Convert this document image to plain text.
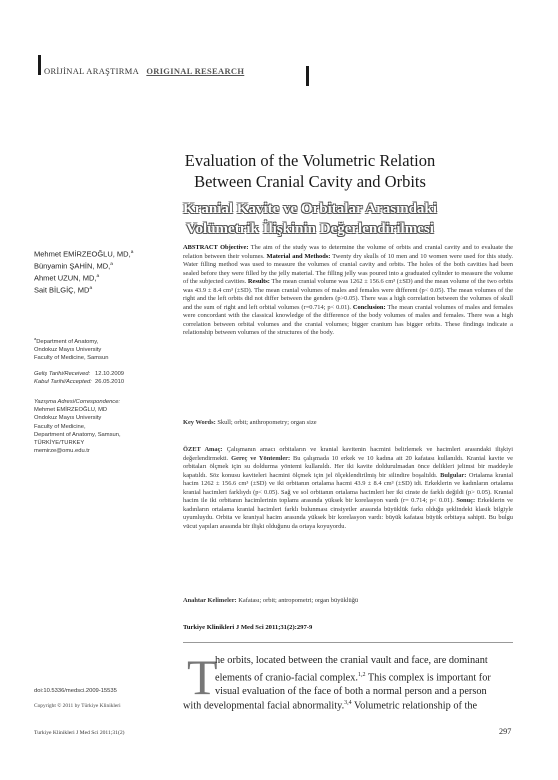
ORİJİNAL ARAŞTIRMA ORIGINAL RESEARCH
Evaluation of the Volumetric Relation
Between Cranial Cavity and Orbits
Kranial Kavite ve Orbitalar Arasındaki
Volümetrik İlişkinin Değerlendirilmesi
Mehmet EMİRZEOĞLU, MD,$^a$
Bünyamin ŞAHİN, MD,$^a$
Ahmet UZUN, MD,$^a$
Sait BİLGİÇ, $MD^a$
$^a$Department of Anatomy,
Ondokuz Mayıs University
Faculty of Medicine, Samsun
Geliş Tarihi/Received: 12.10.2009
Kabul Tarihi/Accepted: 26.05.2010
Yazışma Adresi/Correspondence:
Mehmet EMİRZEOĞLU, MD
Ondokuz Mayıs University
Faculty of Medicine,
Department of Anatomy, Samsun,
TÜRKİYE/TURKEY
memirze@omu.edu.tr
ABSTRACT Objective: The aim of the study was to determine the volume of orbits and cranial cavity and to evaluate the relation between their volumes. Material and Methods: Twenty dry skulls of 10 men and 10 women were used for this study. Water filling method was used to measure the volumes of cranial cavity and orbits. The holes of the both cavities had been sealed before they were filled by the jelly material. The filling jelly was poured into a graduated cylinder to measure the volume of the subjected cavities. Results: The mean cranial volume was 1262 ± 156.6 cm³ (±SD) and the mean volume of the two orbits was 43.9 ± 8.4 cm³ (±SD). The mean cranial volumes of males and females were different (p< 0.05). The mean volumes of the right and the left orbits did not differ between the genders (p>0.05). There was a high correlation between the volumes of skull and the sum of right and left orbital volumes (r=0.714; p< 0.01). Conclusion: The mean cranial volumes of males and females were concordant with the classical knowledge of the difference of the body volumes of males and females. There was a high correlation between orbital volumes and the cranial volumes; bigger cranium has bigger orbits. These findings indicate a relationship between volumes of the structures of the body.
Key Words: Skull; orbit; anthropometry; organ size
ÖZET Amaç: Çalışmanın amacı orbitaların ve kranial kavitenin hacmini belirlemek ve hacimleri arasındaki ilişkiyi değerlendirmekti. Gereç ve Yöntemler: Bu çalışmada 10 erkek ve 10 kadına ait 20 kafatası kullanıldı. Kranial kavite ve orbitaları ölçmek için su doldurma yöntemi kullanıldı. Her iki kavite doldurulmadan önce delikleri jelimsi bir maddeyle kapatıldı. Söz konusu kaviteleri hacmini ölçmek için jel ölçeklendirilmiş bir silindire boşaltıldı. Bulgular: Ortalama kranial hacim 1262 ± 156.6 cm³ (±SD) ve iki orbitanın ortalama hacmi 43.9 ± 8.4 cm³ (±SD) idi. Erkeklerin ve kadınların ortalama kranial hacimleri farklıydı (p< 0.05). Sağ ve sol orbitanın ortalama hacimleri her iki cinste de farklı değildi (p> 0.05). Kranial hacim ile iki orbitanın hacimlerinin toplamı arasında yüksek bir korelasyon vardı (r= 0.714; p< 0.01). Sonuç: Erkeklerin ve kadınların ortalama kranial hacimleri farklı bulunması cinsiyetler arasında büyüklük farkı olduğu şeklindeki klasik bilgiyle uyumluydu. Orbita ve kraniyal hacim arasında yüksek bir korelasyon vardı: büyük kafatası büyük orbitaya sahipti. Bu bulgu vücut yapıları arasında bir ilişki olduğunu da ortaya koyuyordu.
Anahtar Kelimeler: Kafatası; orbit; antropometri; organ büyüklüğü
Turkiye Klinikleri J Med Sci 2011;31(2):297-9
T
he orbits, located between the cranial vault and face, are dominant
elements of cranio-facial complex.$^{1,2}$ This complex is important for
visual evaluation of the face of both a normal person and a person
with developmental facial abnormality.$^{3,4}$ Volumetric relationship of the
doi:10.5336/medsci.2009-15535
Copyright © 2011 by Türkiye Klinikleri
Turkiye Klinikleri J Med Sci 2011;31(2)	297
